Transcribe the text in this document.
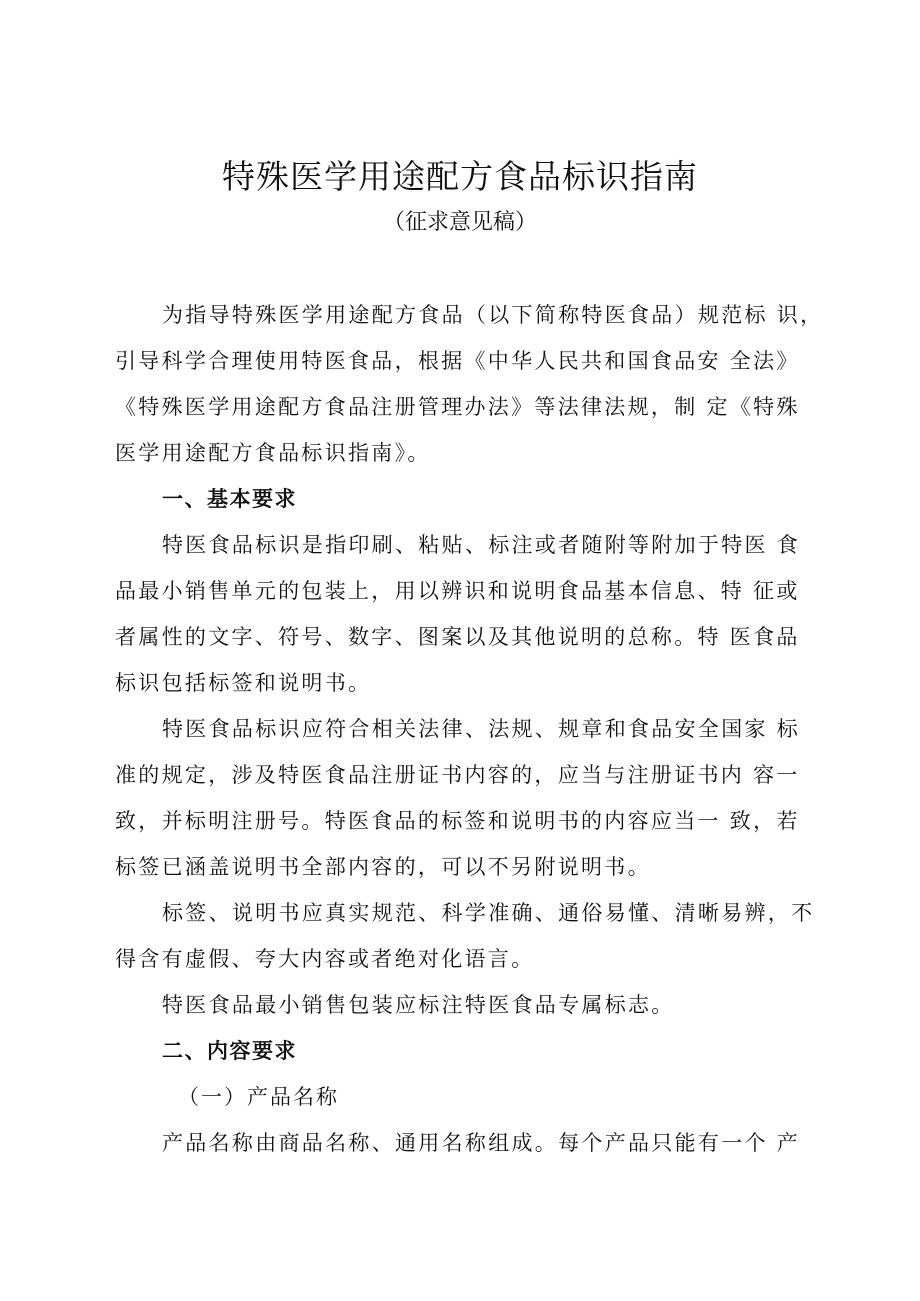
特殊医学用途配方食品标识指南
（征求意见稿）
为指导特殊医学用途配方食品（以下简称特医食品）规范标 识，
引导科学合理使用特医食品，根据《中华人民共和国食品安 全法》
《特殊医学用途配方食品注册管理办法》等法律法规，制 定《特殊
医学用途配方食品标识指南》。
一、基本要求
特医食品标识是指印刷、粘贴、标注或者随附等附加于特医 食
品最小销售单元的包装上，用以辨识和说明食品基本信息、特 征或
者属性的文字、符号、数字、图案以及其他说明的总称。特 医食品
标识包括标签和说明书。
特医食品标识应符合相关法律、法规、规章和食品安全国家 标
准的规定，涉及特医食品注册证书内容的，应当与注册证书内 容一
致，并标明注册号。特医食品的标签和说明书的内容应当一 致，若
标签已涵盖说明书全部内容的，可以不另附说明书。
标签、说明书应真实规范、科学准确、通俗易懂、清晰易辨，不
得含有虚假、夸大内容或者绝对化语言。
特医食品最小销售包装应标注特医食品专属标志。
二、内容要求
（一）产品名称
产品名称由商品名称、通用名称组成。每个产品只能有一个 产
